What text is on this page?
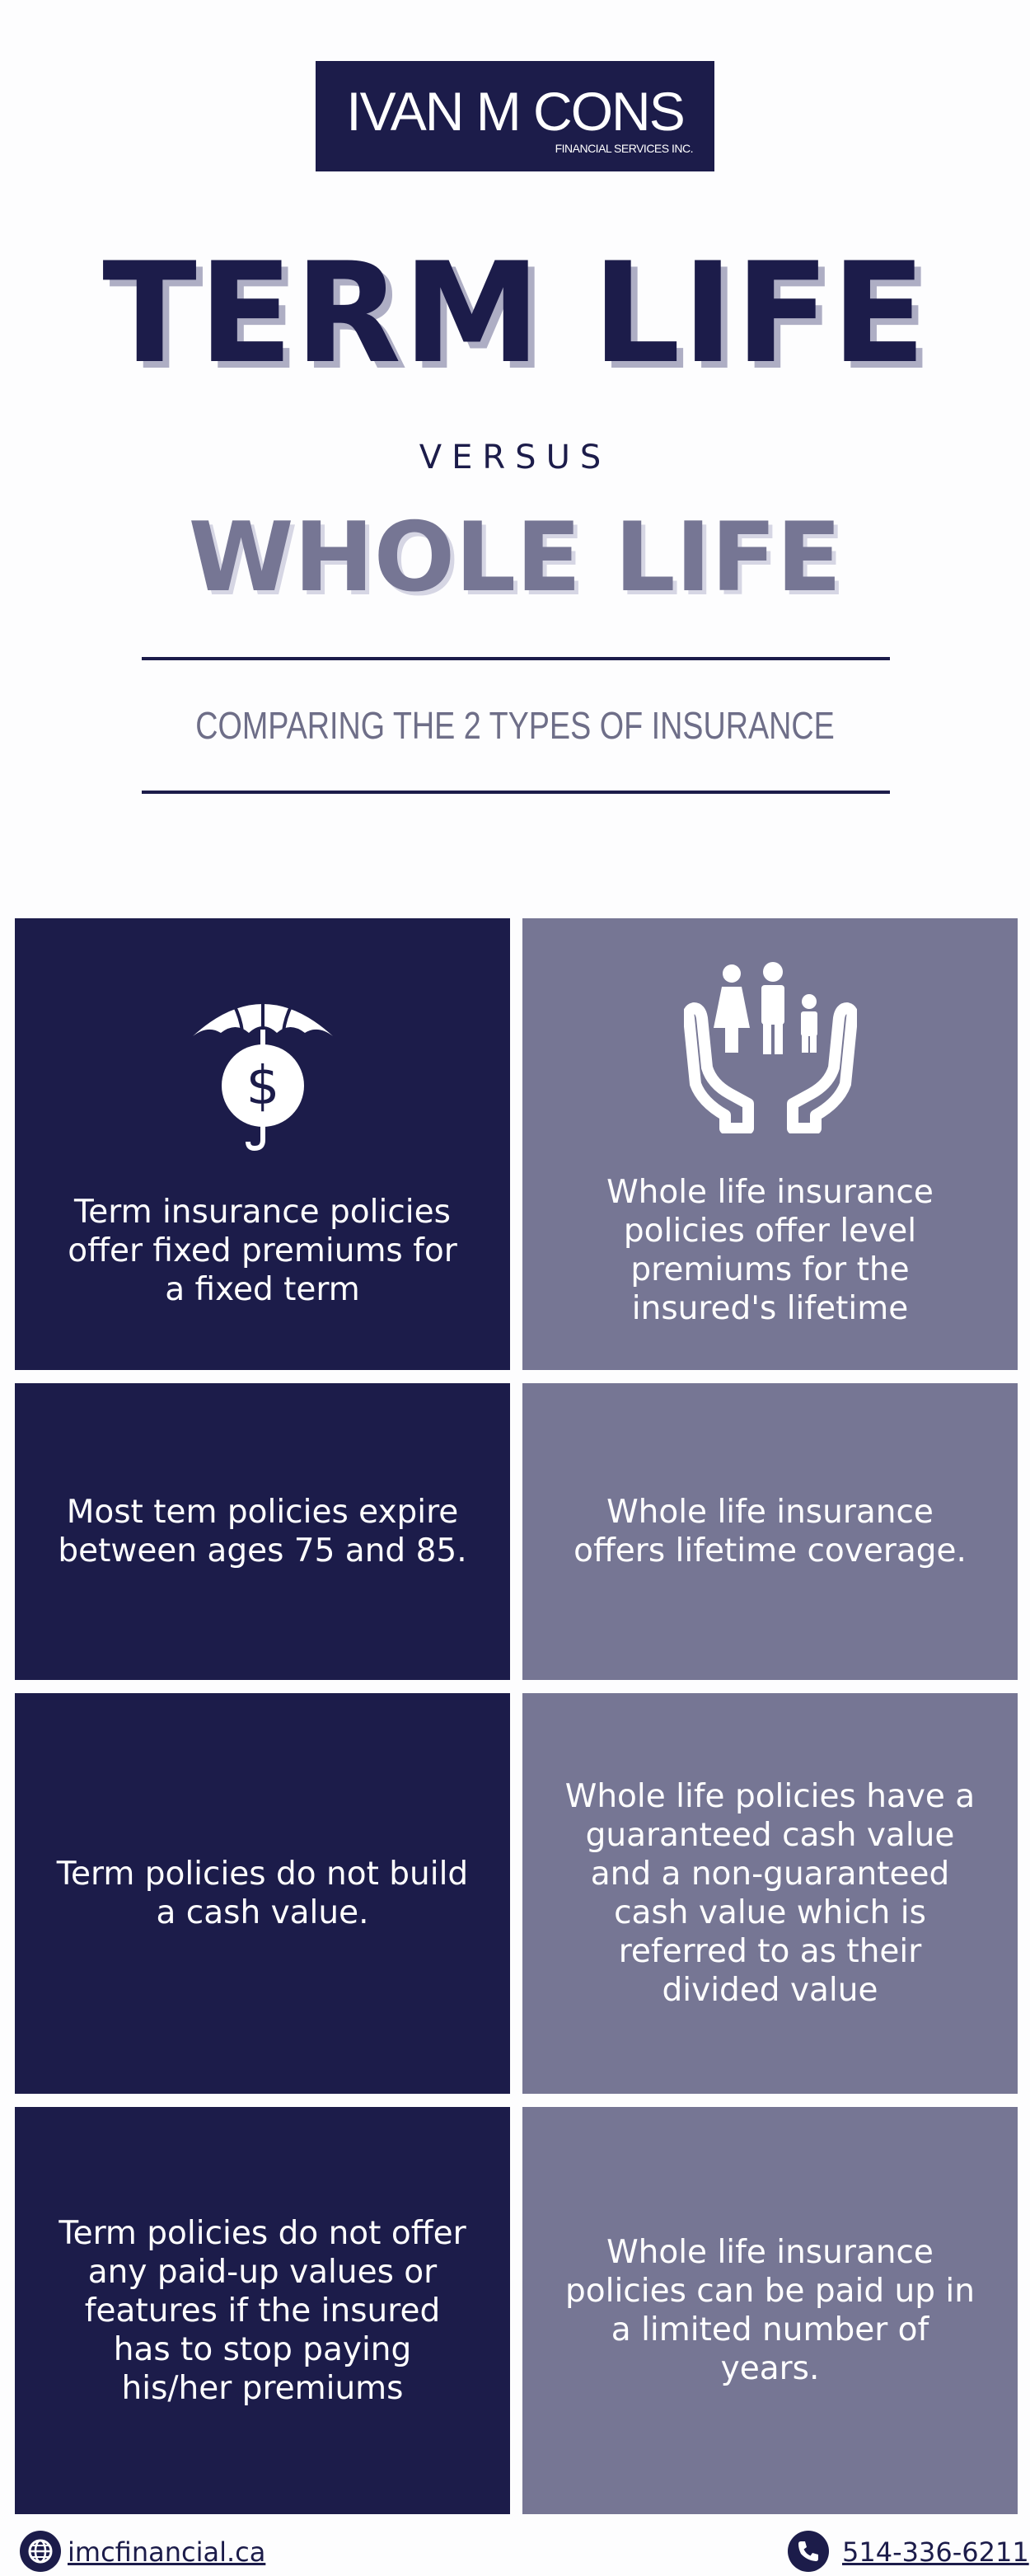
IVAN M CONS
FINANCIAL SERVICES INC.
TERM LIFE
VERSUS
WHOLE LIFE
COMPARING THE 2 TYPES OF INSURANCE
$
Term insurance policies offer fixed premiums for a fixed term
Whole life insurance policies offer level premiums for the insured's lifetime
Most tem policies expire between ages 75 and 85.
Whole life insurance offers lifetime coverage.
Term policies do not build a cash value.
Whole life policies have a guaranteed cash value and a non-guaranteed cash value which is referred to as their divided value
Term policies do not offer any paid-up values or features if the insured has to stop paying his/her premiums
Whole life insurance policies can be paid up in a limited number of years.
imcfinancial.ca	514-336-6211
